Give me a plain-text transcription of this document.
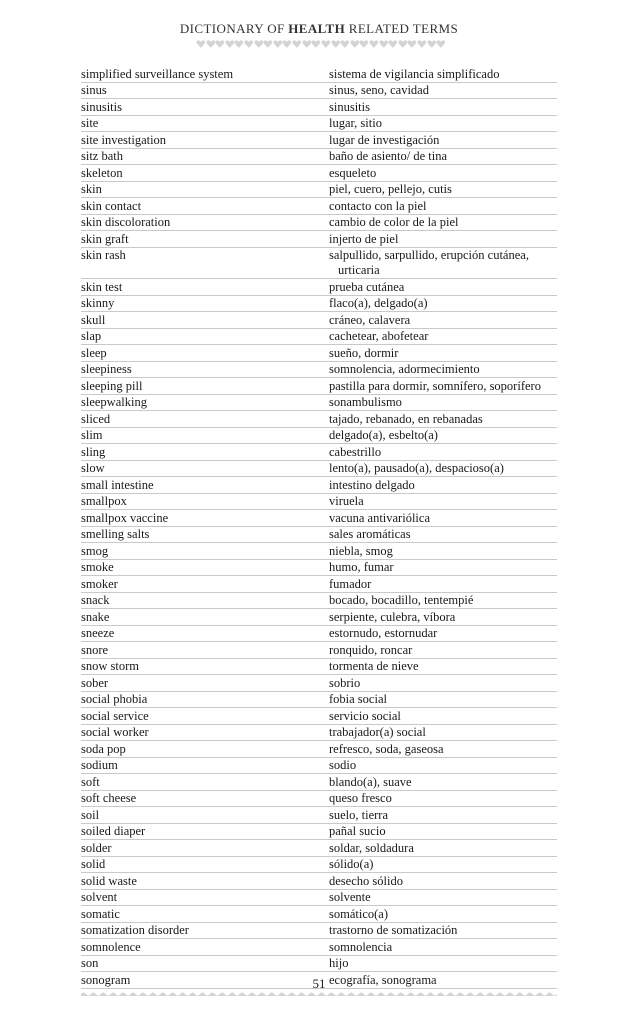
DICTIONARY OF HEALTH RELATED TERMS
simplified surveillance system	sistema de vigilancia simplificado
sinus	sinus, seno, cavidad
sinusitis	sinusitis
site	lugar, sitio
site investigation	lugar de investigación
sitz bath	baño de asiento/ de tina
skeleton	esqueleto
skin	piel, cuero, pellejo, cutis
skin contact	contacto con la piel
skin discoloration	cambio de color de la piel
skin graft	injerto de piel
skin rash	salpullido, sarpullido, erupción cutánea,
urticaria
skin test	prueba cutánea
skinny	flaco(a), delgado(a)
skull	cráneo, calavera
slap	cachetear, abofetear
sleep	sueño, dormir
sleepiness	somnolencia, adormecimiento
sleeping pill	pastilla para dormir, somnífero, soporífero
sleepwalking	sonambulismo
sliced	tajado, rebanado, en rebanadas
slim	delgado(a), esbelto(a)
sling	cabestrillo
slow	lento(a), pausado(a), despacioso(a)
small intestine	intestino delgado
smallpox	viruela
smallpox vaccine	vacuna antivariólica
smelling salts	sales aromáticas
smog	niebla, smog
smoke	humo, fumar
smoker	fumador
snack	bocado, bocadillo, tentempié
snake	serpiente, culebra, víbora
sneeze	estornudo, estornudar
snore	ronquido, roncar
snow storm	tormenta de nieve
sober	sobrio
social phobia	fobia social
social service	servicio social
social worker	trabajador(a) social
soda pop	refresco, soda, gaseosa
sodium	sodio
soft	blando(a), suave
soft cheese	queso fresco
soil	suelo, tierra
soiled diaper	pañal sucio
solder	soldar, soldadura
solid	sólido(a)
solid waste	desecho sólido
solvent	solvente
somatic	somático(a)
somatization disorder	trastorno de somatización
somnolence	somnolencia
son	hijo
sonogram	ecografía, sonograma
51
